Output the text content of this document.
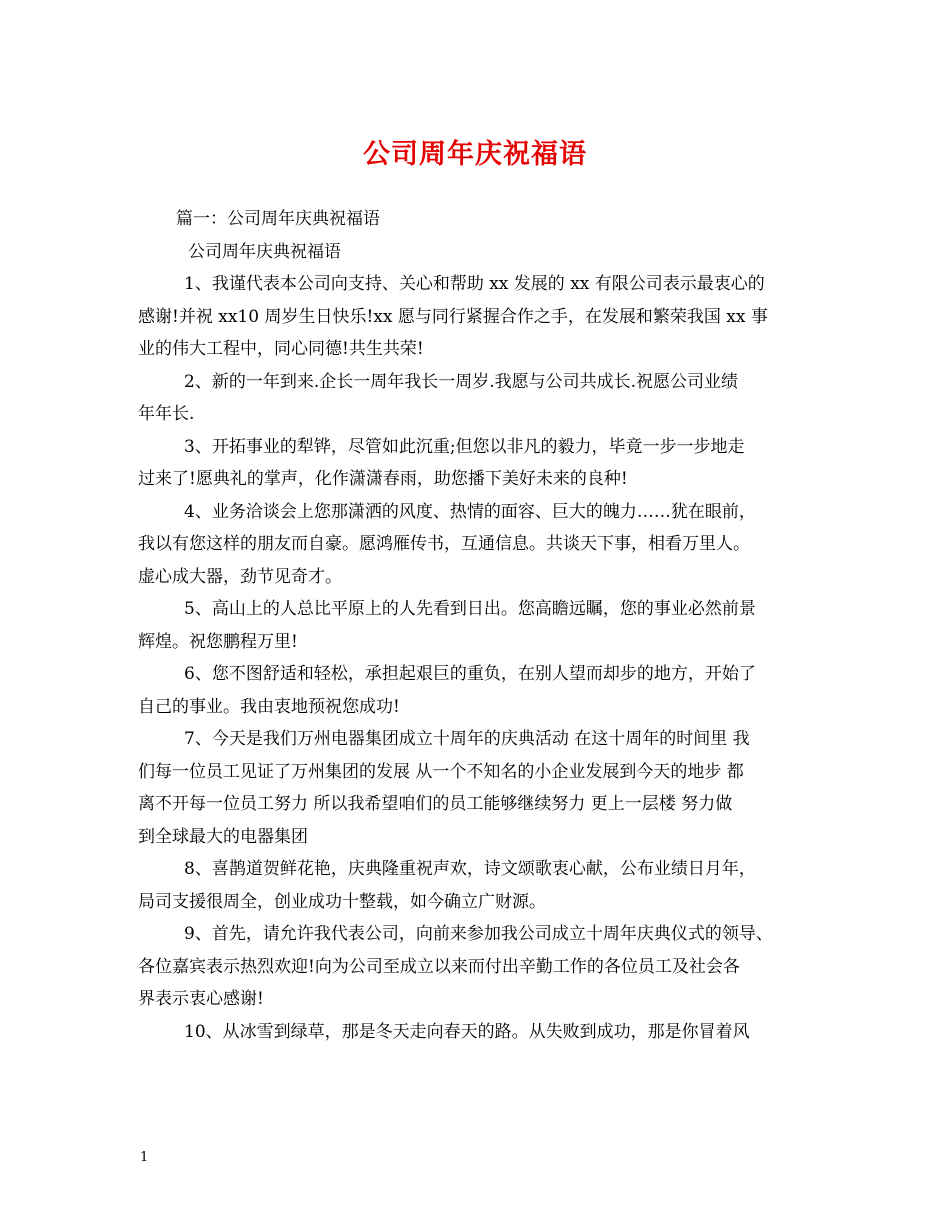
公司周年庆祝福语
篇一：公司周年庆典祝福语
公司周年庆典祝福语
1、我谨代表本公司向支持、关心和帮助 xx 发展的 xx 有限公司表示最衷心的
感谢!并祝 xx10 周岁生日快乐!xx 愿与同行紧握合作之手，在发展和繁荣我国 xx 事
业的伟大工程中，同心同德!共生共荣!
2、新的一年到来.企长一周年我长一周岁.我愿与公司共成长.祝愿公司业绩
年年长.
3、开拓事业的犁铧，尽管如此沉重;但您以非凡的毅力，毕竟一步一步地走
过来了!愿典礼的掌声，化作潇潇春雨，助您播下美好未来的良种!
4、业务洽谈会上您那潇洒的风度、热情的面容、巨大的魄力……犹在眼前，
我以有您这样的朋友而自豪。愿鸿雁传书，互通信息。共谈天下事，相看万里人。
虚心成大器，劲节见奇才。
5、高山上的人总比平原上的人先看到日出。您高瞻远瞩，您的事业必然前景
辉煌。祝您鹏程万里!
6、您不图舒适和轻松，承担起艰巨的重负，在别人望而却步的地方，开始了
自己的事业。我由衷地预祝您成功!
7、今天是我们万州电器集团成立十周年的庆典活动 在这十周年的时间里 我
们每一位员工见证了万州集团的发展 从一个不知名的小企业发展到今天的地步 都
离不开每一位员工努力 所以我希望咱们的员工能够继续努力 更上一层楼 努力做
到全球最大的电器集团
8、喜鹊道贺鲜花艳，庆典隆重祝声欢，诗文颂歌衷心献，公布业绩日月年，
局司支援很周全，创业成功十整载，如今确立广财源。
9、首先，请允许我代表公司，向前来参加我公司成立十周年庆典仪式的领导、
各位嘉宾表示热烈欢迎!向为公司至成立以来而付出辛勤工作的各位员工及社会各
界表示衷心感谢!
10、从冰雪到绿草，那是冬天走向春天的路。从失败到成功，那是你冒着风
1
